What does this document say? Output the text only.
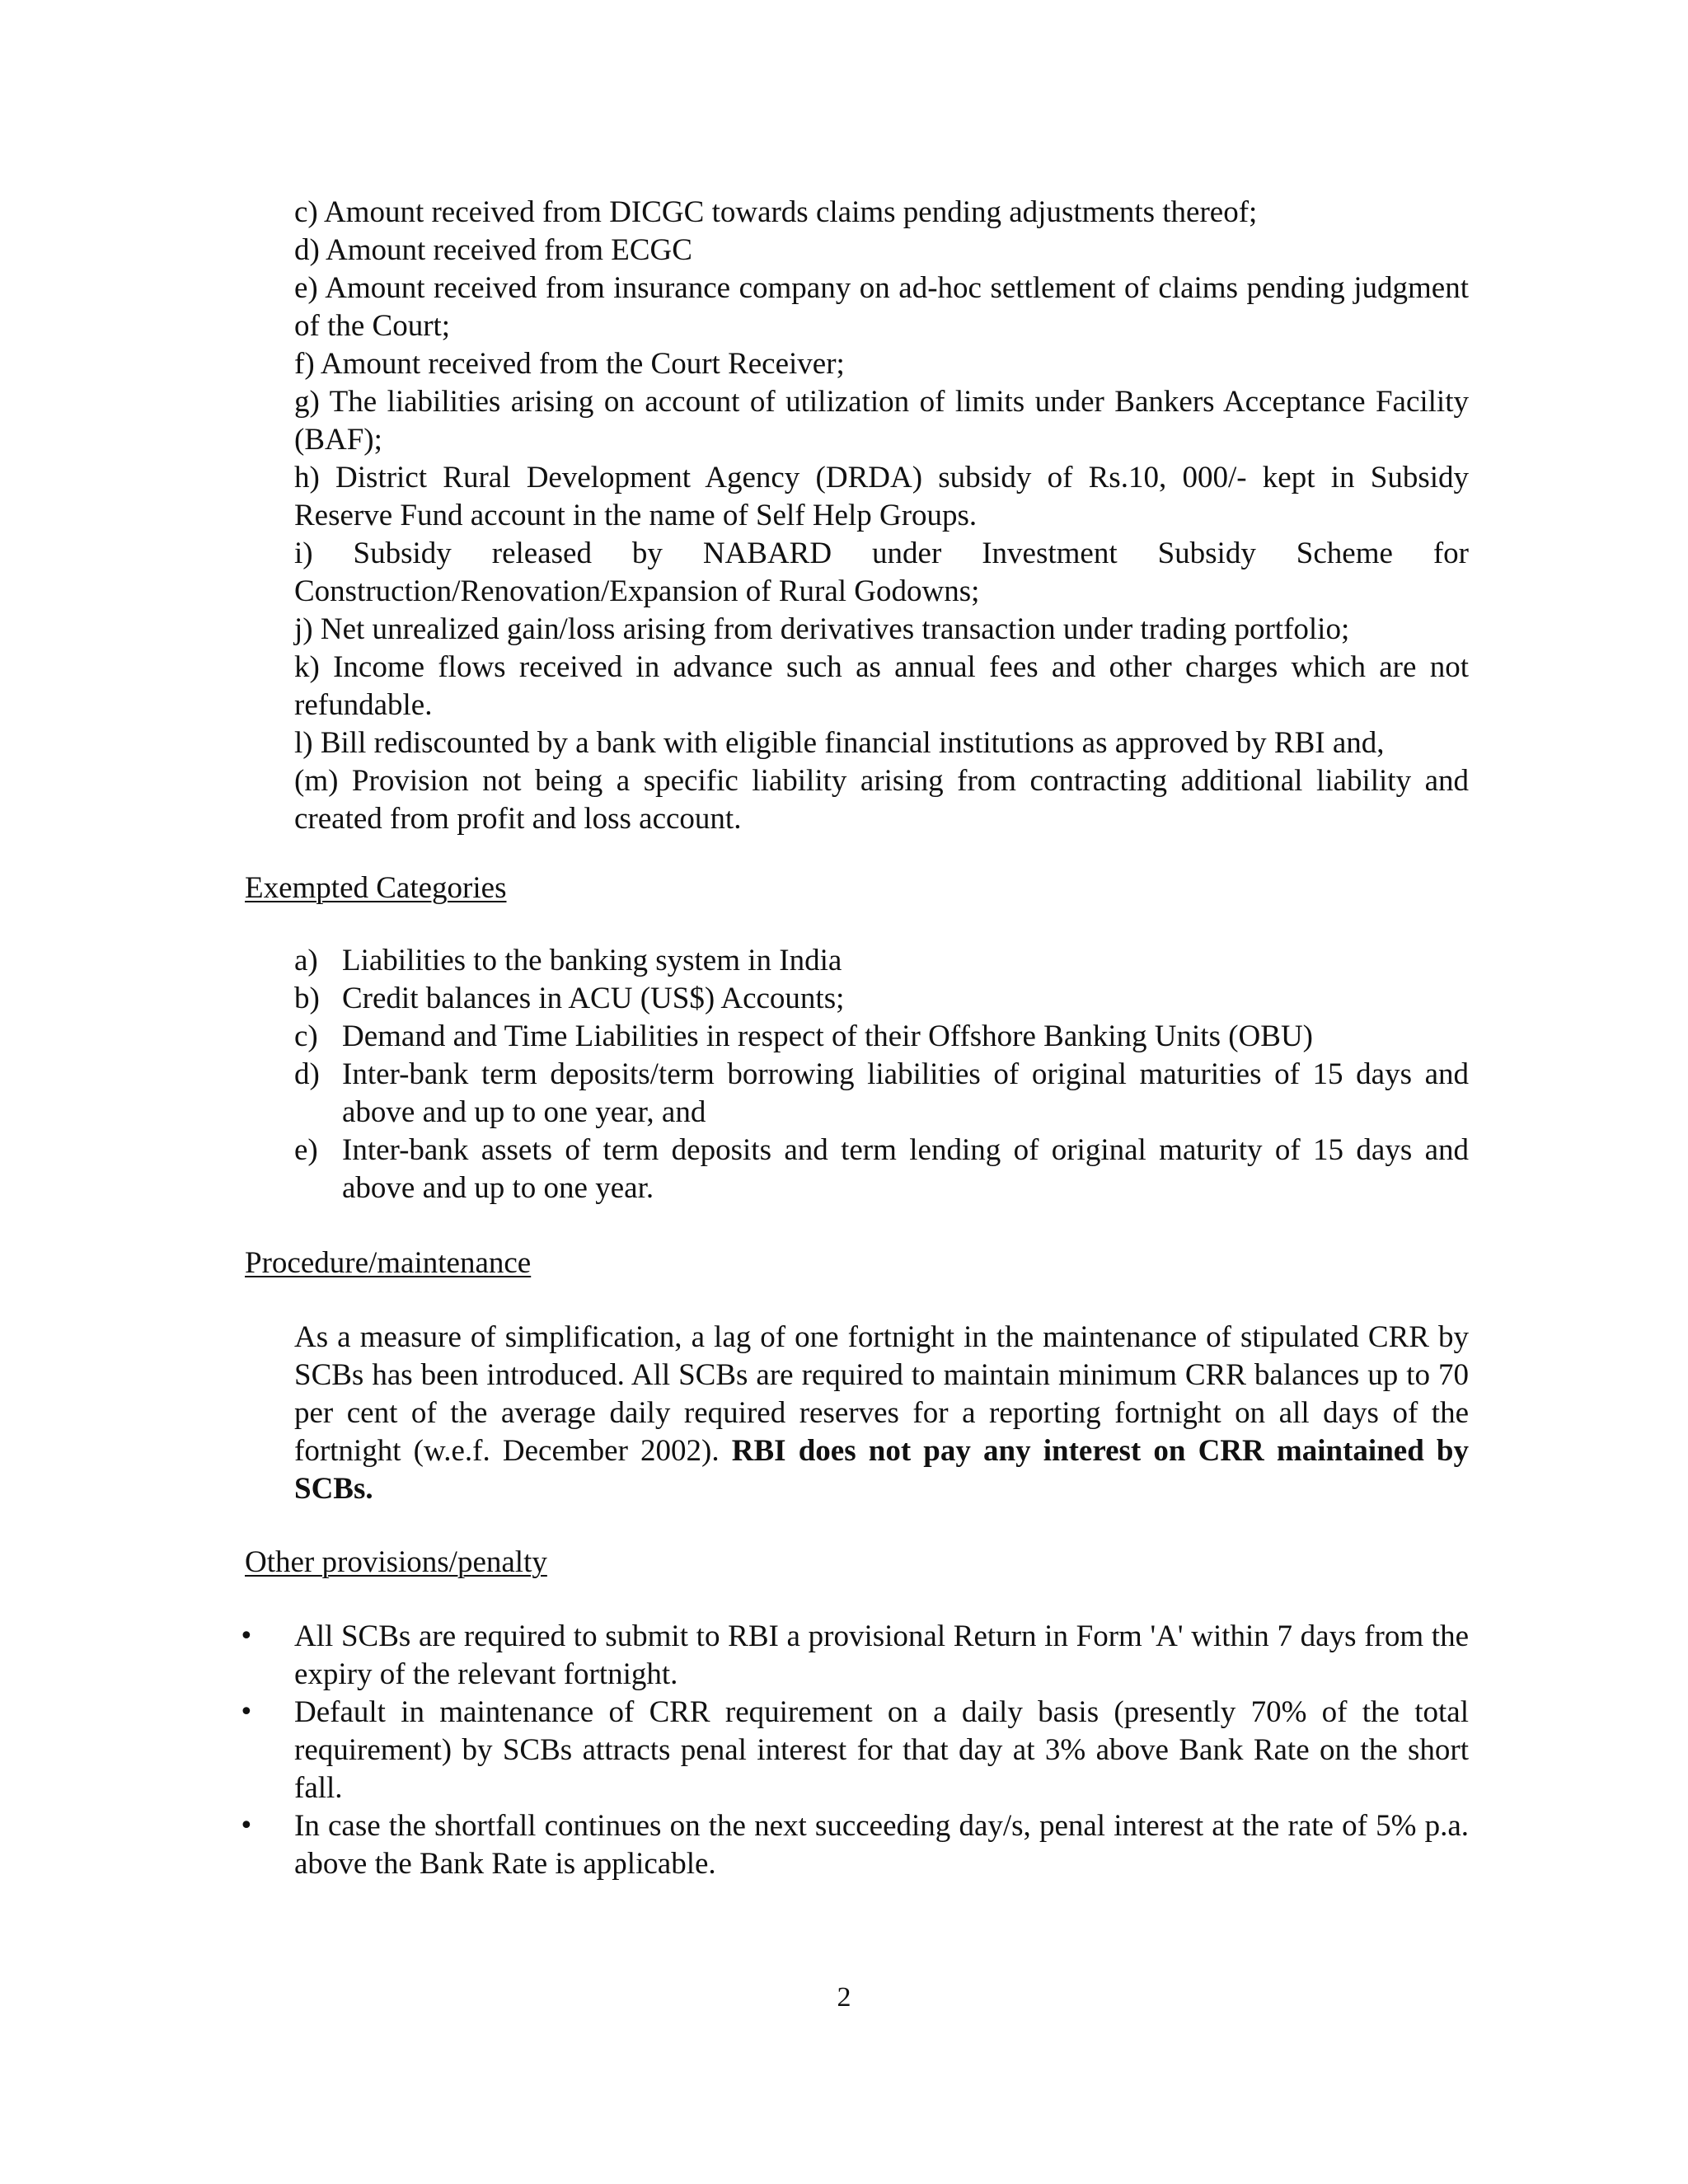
c) Amount received from DICGC towards claims pending adjustments thereof;

d) Amount received from ECGC

e) Amount received from insurance company on ad-hoc settlement of claims pending judgment of the Court;

f) Amount received from the Court Receiver;

g) The liabilities arising on account of utilization of limits under Bankers Acceptance Facility (BAF);

h) District Rural Development Agency (DRDA) subsidy of Rs.10, 000/- kept in Subsidy Reserve Fund account in the name of Self Help Groups.

i) Subsidy released by NABARD under Investment Subsidy Scheme for Construction/Renovation/Expansion of Rural Godowns;

j) Net unrealized gain/loss arising from derivatives transaction under trading portfolio;

k) Income flows received in advance such as annual fees and other charges which are not refundable.

l) Bill rediscounted by a bank with eligible financial institutions as approved by RBI and,

(m) Provision not being a specific liability arising from contracting additional liability and created from profit and loss account.

Exempted Categories
a) Liabilities to the banking system in India
b) Credit balances in ACU (US$) Accounts;
c) Demand and Time Liabilities in respect of their Offshore Banking Units (OBU)
d) Inter-bank term deposits/term borrowing liabilities of original maturities of 15 days and above and up to one year, and
e) Inter-bank assets of term deposits and term lending of original maturity of 15 days and above and up to one year.
Procedure/maintenance
As a measure of simplification, a lag of one fortnight in the maintenance of stipulated CRR by SCBs has been introduced. All SCBs are required to maintain minimum CRR balances up to 70 per cent of the average daily required reserves for a reporting fortnight on all days of the fortnight (w.e.f. December 2002). RBI does not pay any interest on CRR maintained by SCBs.
Other provisions/penalty
•	All SCBs are required to submit to RBI a provisional Return in Form 'A' within 7 days from the expiry of the relevant fortnight.
•	Default in maintenance of CRR requirement on a daily basis (presently 70% of the total requirement) by SCBs attracts penal interest for that day at 3% above Bank Rate on the short fall.
•	In case the shortfall continues on the next succeeding day/s, penal interest at the rate of 5% p.a. above the Bank Rate is applicable.
2
